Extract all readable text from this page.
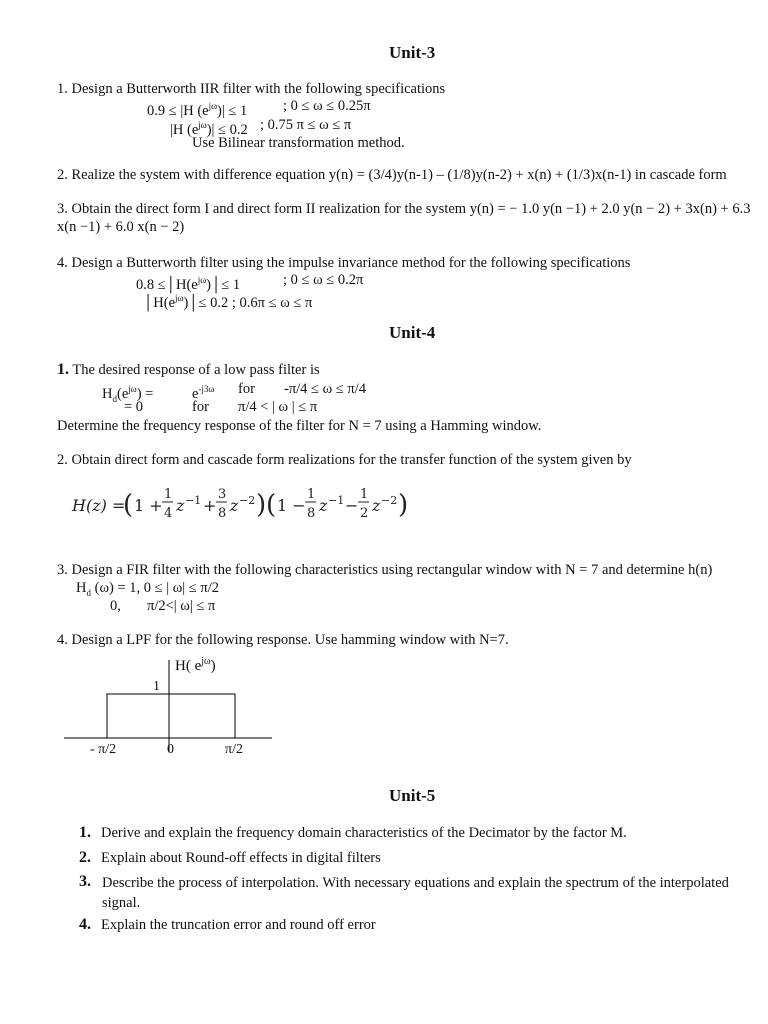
Unit-3
1. Design a Butterworth IIR filter with the following specifications
0.9 ≤ |H $(e^{j\omega})| \le 1$ ; 0 ≤ ω ≤ 0.25π
|H $(e^{j\omega})| \le 0.2$ ; 0.75 π ≤ ω ≤ π
Use Bilinear transformation method.
2. Realize the system with difference equation y(n) = (3/4)y(n-1) – (1/8)y(n-2) + x(n) + (1/3)x(n-1) in cascade form
3. Obtain the direct form I and direct form II realization for the system y(n) = − 1.0 y(n −1) + 2.0 y(n − 2) + 3x(n) + 6.3 x(n −1) + 6.0 x(n − 2)
4. Design a Butterworth filter using the impulse invariance method for the following specifications
$0.8 \le│H(e^{j\omega})│\le 1$	; 0 ≤ ω ≤ 0.2π
$│H(e^{j\omega})│\le 0.2$ ; 0.6π ≤ ω ≤ π
Unit-4
1. The desired response of a low pass filter is
$H_d(e^{j\omega})$ =	$e^{-j3\omega}$ for -π/4 ≤ ω ≤ π/4
= 0	for π/4 < | ω | ≤ π
Determine the frequency response of the filter for N = 7 using a Hamming window.
2. Obtain direct form and cascade form realizations for the transfer function of the system given by
H(z) =
( 1 +
1
4 z −1 +
3
8 z −2 ) ( 1 −
1
8 z −1 −
1
2 z −2 )
3. Design a FIR filter with the following characteristics using rectangular window with N = 7 and determine h(n)
$H_d$ (ω) = 1, 0 ≤ | ω| ≤ π/2
0, π/2<| ω| ≤ π
4. Design a LPF for the following response. Use hamming window with N=7.
H( $e^{j\omega}$)
1
- π/2	0	π/2
Unit-5
1. Derive and explain the frequency domain characteristics of the Decimator by the factor M.
2. Explain about Round-off effects in digital filters
3. Describe the process of interpolation. With necessary equations and explain the spectrum of the interpolated signal.
4. Explain the truncation error and round off error
